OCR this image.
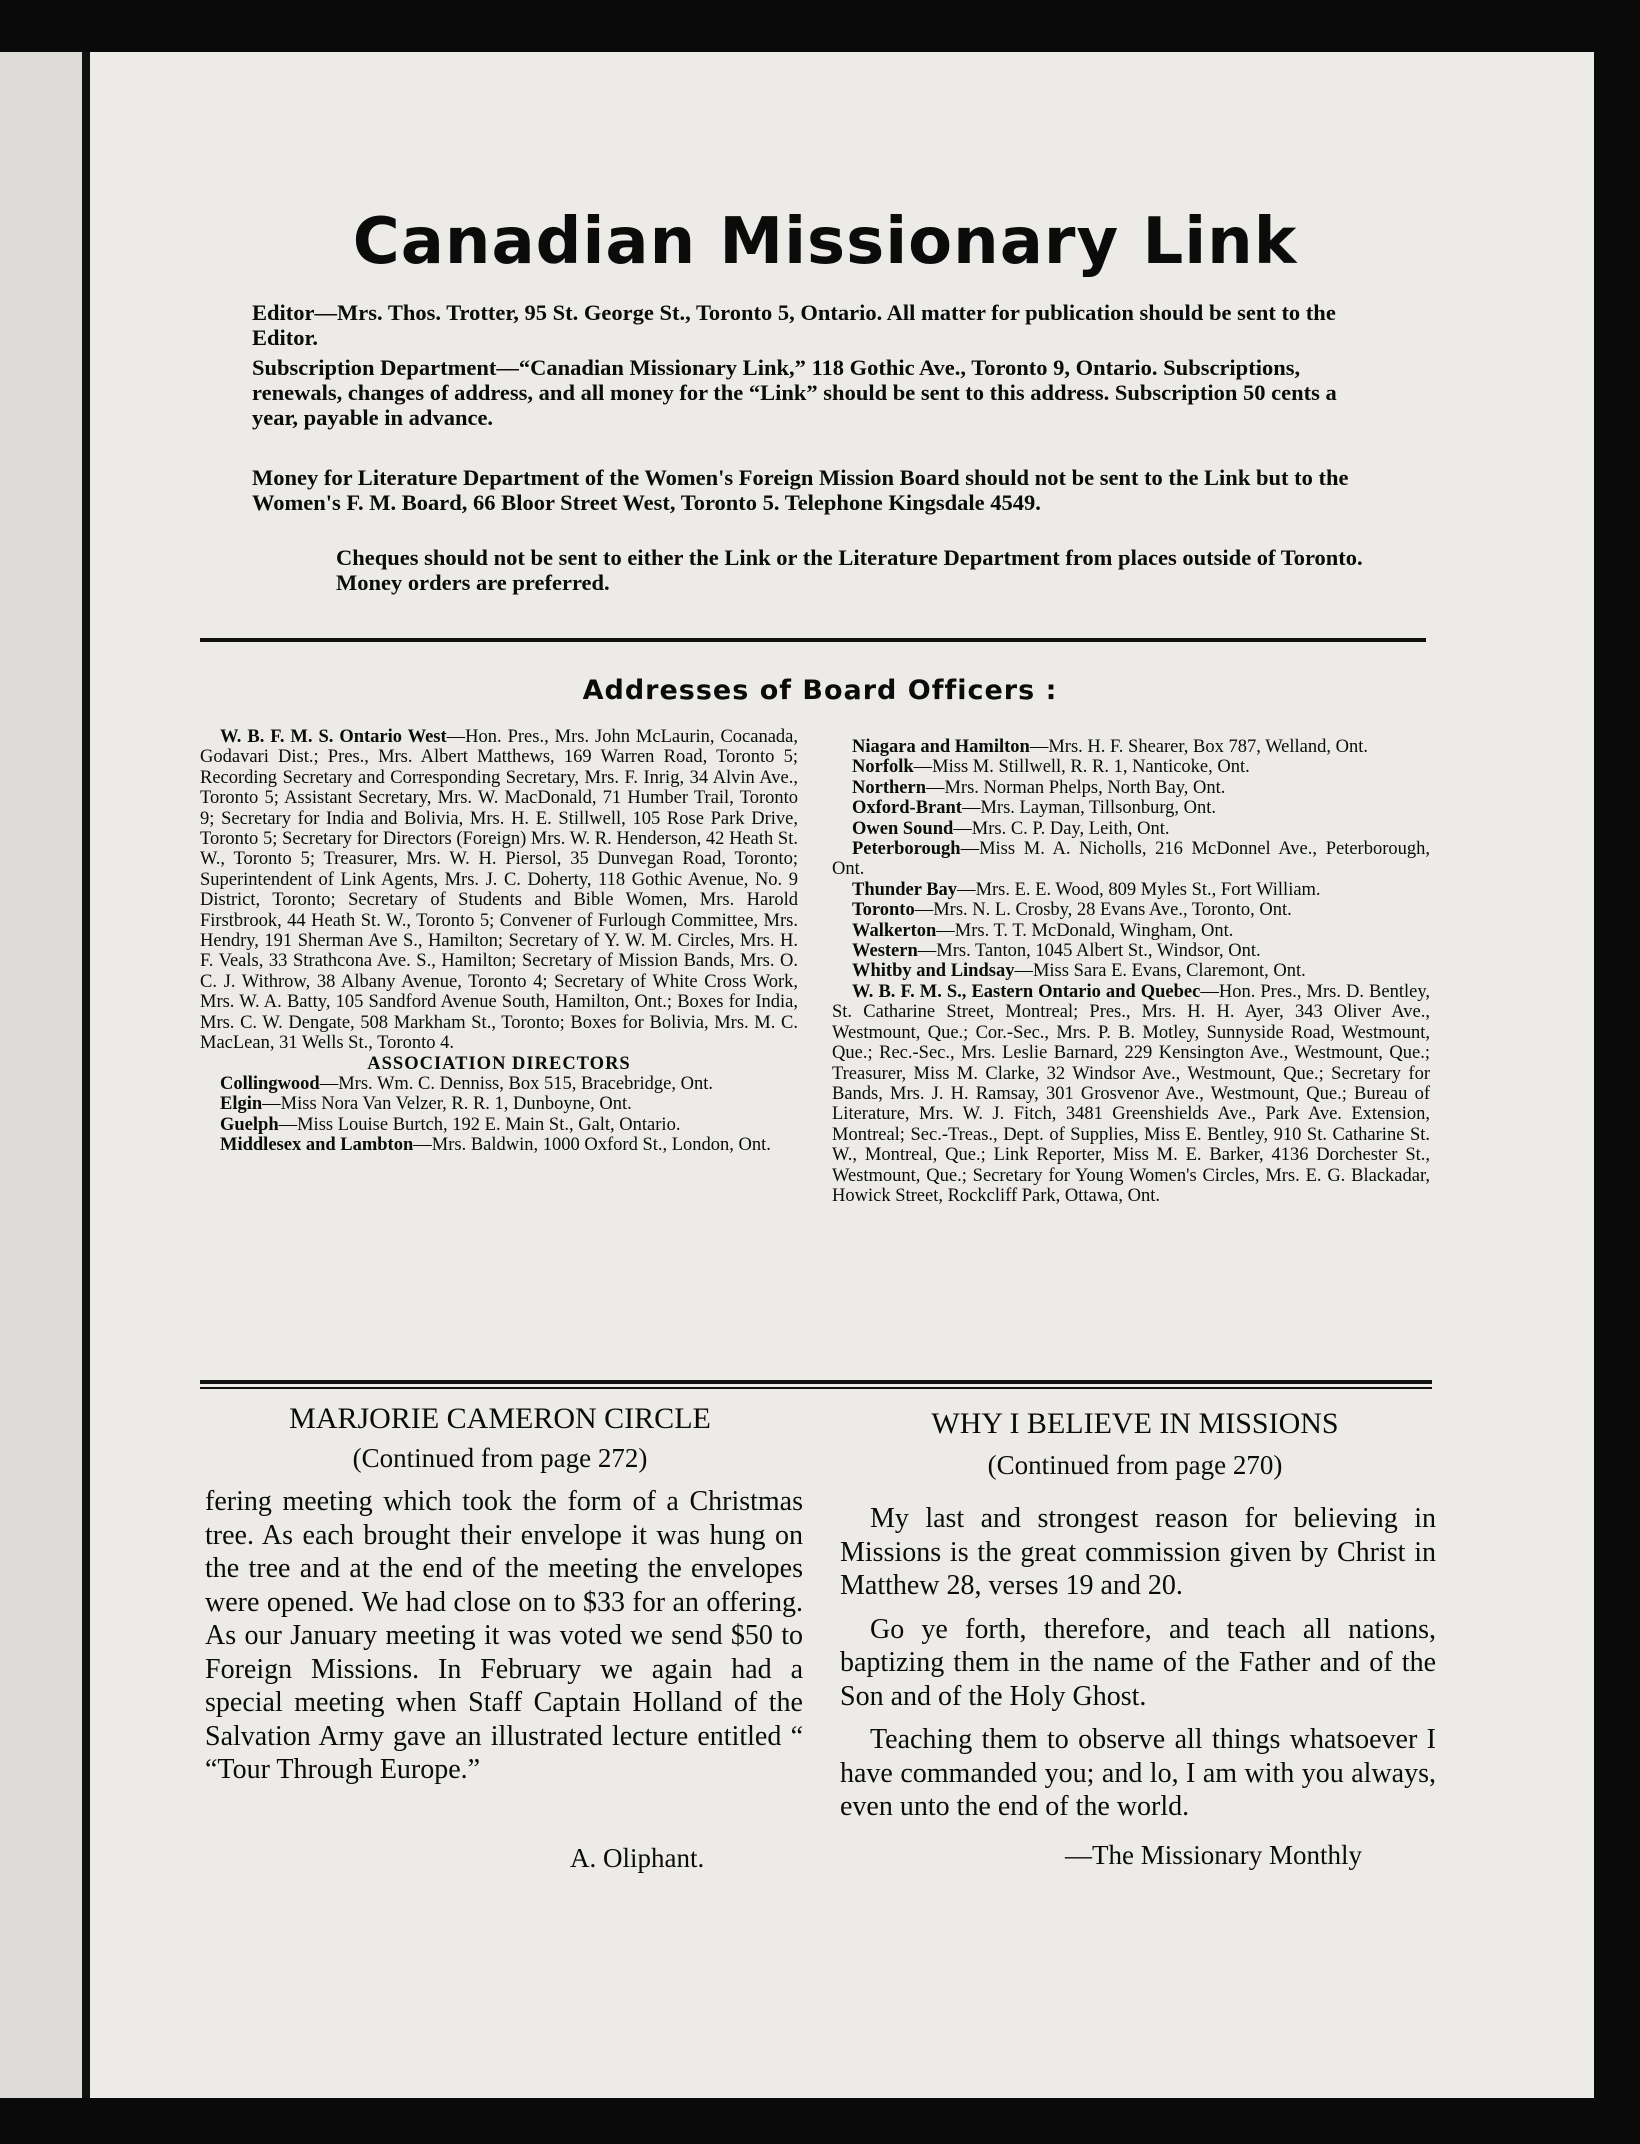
Canadian Missionary Link
Editor—Mrs. Thos. Trotter, 95 St. George St., Toronto 5, Ontario. All matter for publication should be sent to the Editor.
Subscription Department—“Canadian Missionary Link,” 118 Gothic Ave., Toronto 9, Ontario. Subscriptions, renewals, changes of address, and all money for the “Link” should be sent to this address. Subscription 50 cents a year, payable in advance.
Money for Literature Department of the Women's Foreign Mission Board should not be sent to the Link but to the Women's F. M. Board, 66 Bloor Street West, Toronto 5. Telephone Kingsdale 4549.
Cheques should not be sent to either the Link or the Literature Department from places outside of Toronto. Money orders are preferred.
Addresses of Board Officers :

W. B. F. M. S. Ontario West—Hon. Pres., Mrs. John McLaurin, Cocanada, Godavari Dist.; Pres., Mrs. Albert Matthews, 169 Warren Road, Toronto 5; Recording Secretary and Corresponding Secretary, Mrs. F. Inrig, 34 Alvin Ave., Toronto 5; Assistant Secretary, Mrs. W. MacDonald, 71 Humber Trail, Toronto 9; Secretary for India and Bolivia, Mrs. H. E. Stillwell, 105 Rose Park Drive, Toronto 5; Secretary for Directors (Foreign) Mrs. W. R. Henderson, 42 Heath St. W., Toronto 5; Treasurer, Mrs. W. H. Piersol, 35 Dunvegan Road, Toronto; Superintendent of Link Agents, Mrs. J. C. Doherty, 118 Gothic Avenue, No. 9 District, Toronto; Secretary of Students and Bible Women, Mrs. Harold Firstbrook, 44 Heath St. W., Toronto 5; Convener of Furlough Committee, Mrs. Hendry, 191 Sherman Ave S., Hamilton; Secretary of Y. W. M. Circles, Mrs. H. F. Veals, 33 Strathcona Ave. S., Hamilton; Secretary of Mission Bands, Mrs. O. C. J. Withrow, 38 Albany Avenue, Toronto 4; Secretary of White Cross Work, Mrs. W. A. Batty, 105 Sandford Avenue South, Hamilton, Ont.; Boxes for India, Mrs. C. W. Dengate, 508 Markham St., Toronto; Boxes for Bolivia, Mrs. M. C. MacLean, 31 Wells St., Toronto 4.

ASSOCIATION DIRECTORS

Collingwood—Mrs. Wm. C. Denniss, Box 515, Bracebridge, Ont.

Elgin—Miss Nora Van Velzer, R. R. 1, Dunboyne, Ont.

Guelph—Miss Louise Burtch, 192 E. Main St., Galt, Ontario.

Middlesex and Lambton—Mrs. Baldwin, 1000 Oxford St., London, Ont.

Niagara and Hamilton—Mrs. H. F. Shearer, Box 787, Welland, Ont.

Norfolk—Miss M. Stillwell, R. R. 1, Nanticoke, Ont.

Northern—Mrs. Norman Phelps, North Bay, Ont.

Oxford-Brant—Mrs. Layman, Tillsonburg, Ont.

Owen Sound—Mrs. C. P. Day, Leith, Ont.

Peterborough—Miss M. A. Nicholls, 216 McDonnel Ave., Peterborough, Ont.

Thunder Bay—Mrs. E. E. Wood, 809 Myles St., Fort William.

Toronto—Mrs. N. L. Crosby, 28 Evans Ave., Toronto, Ont.

Walkerton—Mrs. T. T. McDonald, Wingham, Ont.

Western—Mrs. Tanton, 1045 Albert St., Windsor, Ont.

Whitby and Lindsay—Miss Sara E. Evans, Claremont, Ont.

W. B. F. M. S., Eastern Ontario and Quebec—Hon. Pres., Mrs. D. Bentley, St. Catharine Street, Montreal; Pres., Mrs. H. H. Ayer, 343 Oliver Ave., Westmount, Que.; Cor.-Sec., Mrs. P. B. Motley, Sunnyside Road, Westmount, Que.; Rec.-Sec., Mrs. Leslie Barnard, 229 Kensington Ave., Westmount, Que.; Treasurer, Miss M. Clarke, 32 Windsor Ave., Westmount, Que.; Secretary for Bands, Mrs. J. H. Ramsay, 301 Grosvenor Ave., Westmount, Que.; Bureau of Literature, Mrs. W. J. Fitch, 3481 Greenshields Ave., Park Ave. Extension, Montreal; Sec.-Treas., Dept. of Supplies, Miss E. Bentley, 910 St. Catharine St. W., Montreal, Que.; Link Reporter, Miss M. E. Barker, 4136 Dorchester St., Westmount, Que.; Secretary for Young Women's Circles, Mrs. E. G. Blackadar, Howick Street, Rockcliff Park, Ottawa, Ont.

MARJORIE CAMERON CIRCLE
(Continued from page 272)

fering meeting which took the form of a Christmas tree. As each brought their envelope it was hung on the tree and at the end of the meeting the envelopes were opened. We had close on to $33 for an offering. As our January meeting it was voted we send $50 to Foreign Missions. In February we again had a special meeting when Staff Captain Holland of the Salvation Army gave an illustrated lecture entitled “ “Tour Through Europe.”

A. Oliphant.
WHY I BELIEVE IN MISSIONS
(Continued from page 270)

My last and strongest reason for believing in Missions is the great commission given by Christ in Matthew 28, verses 19 and 20.

Go ye forth, therefore, and teach all nations, baptizing them in the name of the Father and of the Son and of the Holy Ghost.

Teaching them to observe all things whatsoever I have commanded you; and lo, I am with you always, even unto the end of the world.

—The Missionary Monthly
